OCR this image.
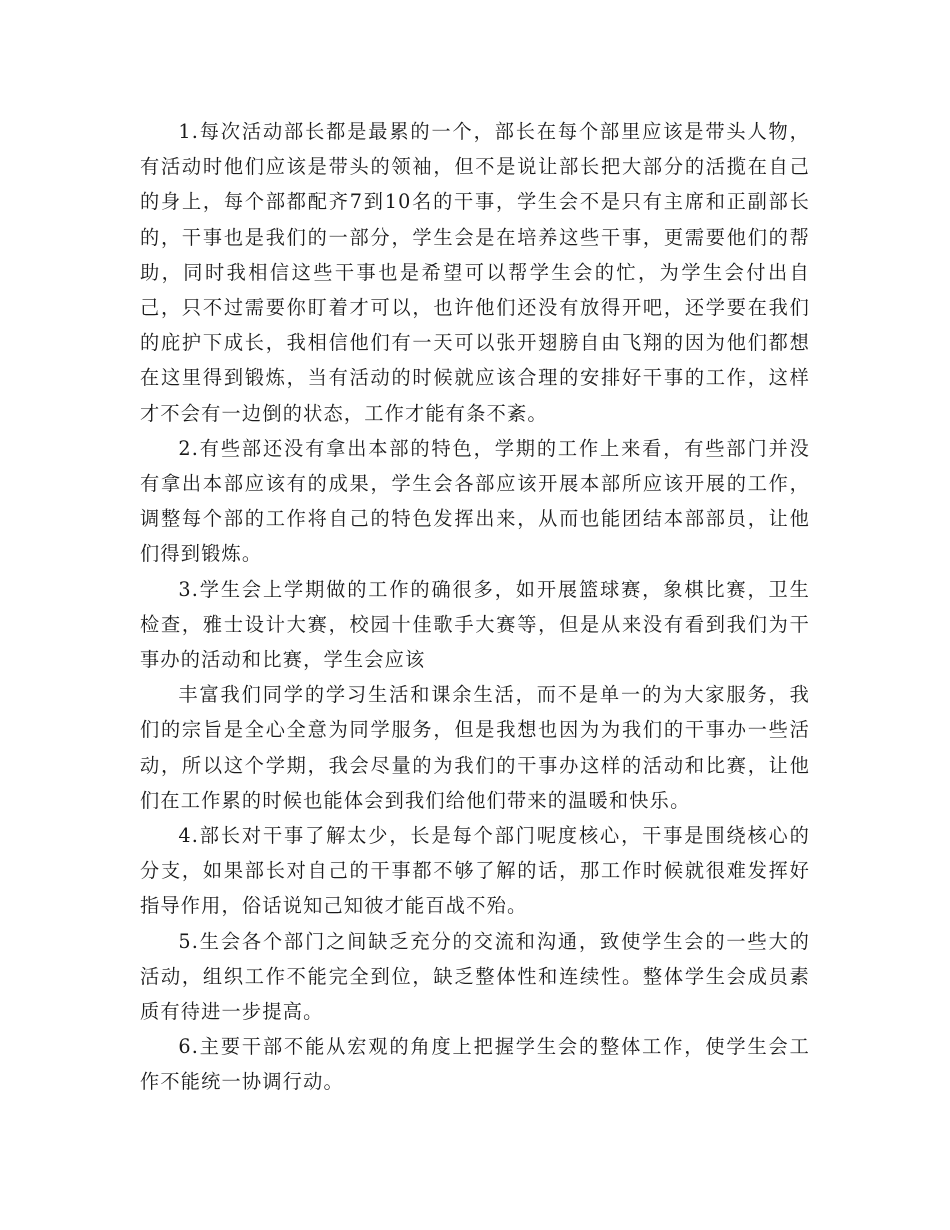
1.每次活动部长都是最累的一个，部长在每个部里应该是带头人物，有活动时他们应该是带头的领袖，但不是说让部长把大部分的活揽在自己的身上，每个部都配齐7到10名的干事，学生会不是只有主席和正副部长的，干事也是我们的一部分，学生会是在培养这些干事，更需要他们的帮助，同时我相信这些干事也是希望可以帮学生会的忙，为学生会付出自己，只不过需要你盯着才可以，也许他们还没有放得开吧，还学要在我们的庇护下成长，我相信他们有一天可以张开翅膀自由飞翔的因为他们都想在这里得到锻炼，当有活动的时候就应该合理的安排好干事的工作，这样才不会有一边倒的状态，工作才能有条不紊。

2.有些部还没有拿出本部的特色，学期的工作上来看，有些部门并没有拿出本部应该有的成果，学生会各部应该开展本部所应该开展的工作，调整每个部的工作将自己的特色发挥出来，从而也能团结本部部员，让他们得到锻炼。

3.学生会上学期做的工作的确很多，如开展篮球赛，象棋比赛，卫生检查，雅士设计大赛，校园十佳歌手大赛等，但是从来没有看到我们为干事办的活动和比赛，学生会应该

丰富我们同学的学习生活和课余生活，而不是单一的为大家服务，我们的宗旨是全心全意为同学服务，但是我想也因为为我们的干事办一些活动，所以这个学期，我会尽量的为我们的干事办这样的活动和比赛，让他们在工作累的时候也能体会到我们给他们带来的温暖和快乐。

4.部长对干事了解太少，长是每个部门呢度核心，干事是围绕核心的分支，如果部长对自己的干事都不够了解的话，那工作时候就很难发挥好指导作用，俗话说知己知彼才能百战不殆。

5.生会各个部门之间缺乏充分的交流和沟通，致使学生会的一些大的活动，组织工作不能完全到位，缺乏整体性和连续性。整体学生会成员素质有待进一步提高。

6.主要干部不能从宏观的角度上把握学生会的整体工作，使学生会工作不能统一协调行动。
